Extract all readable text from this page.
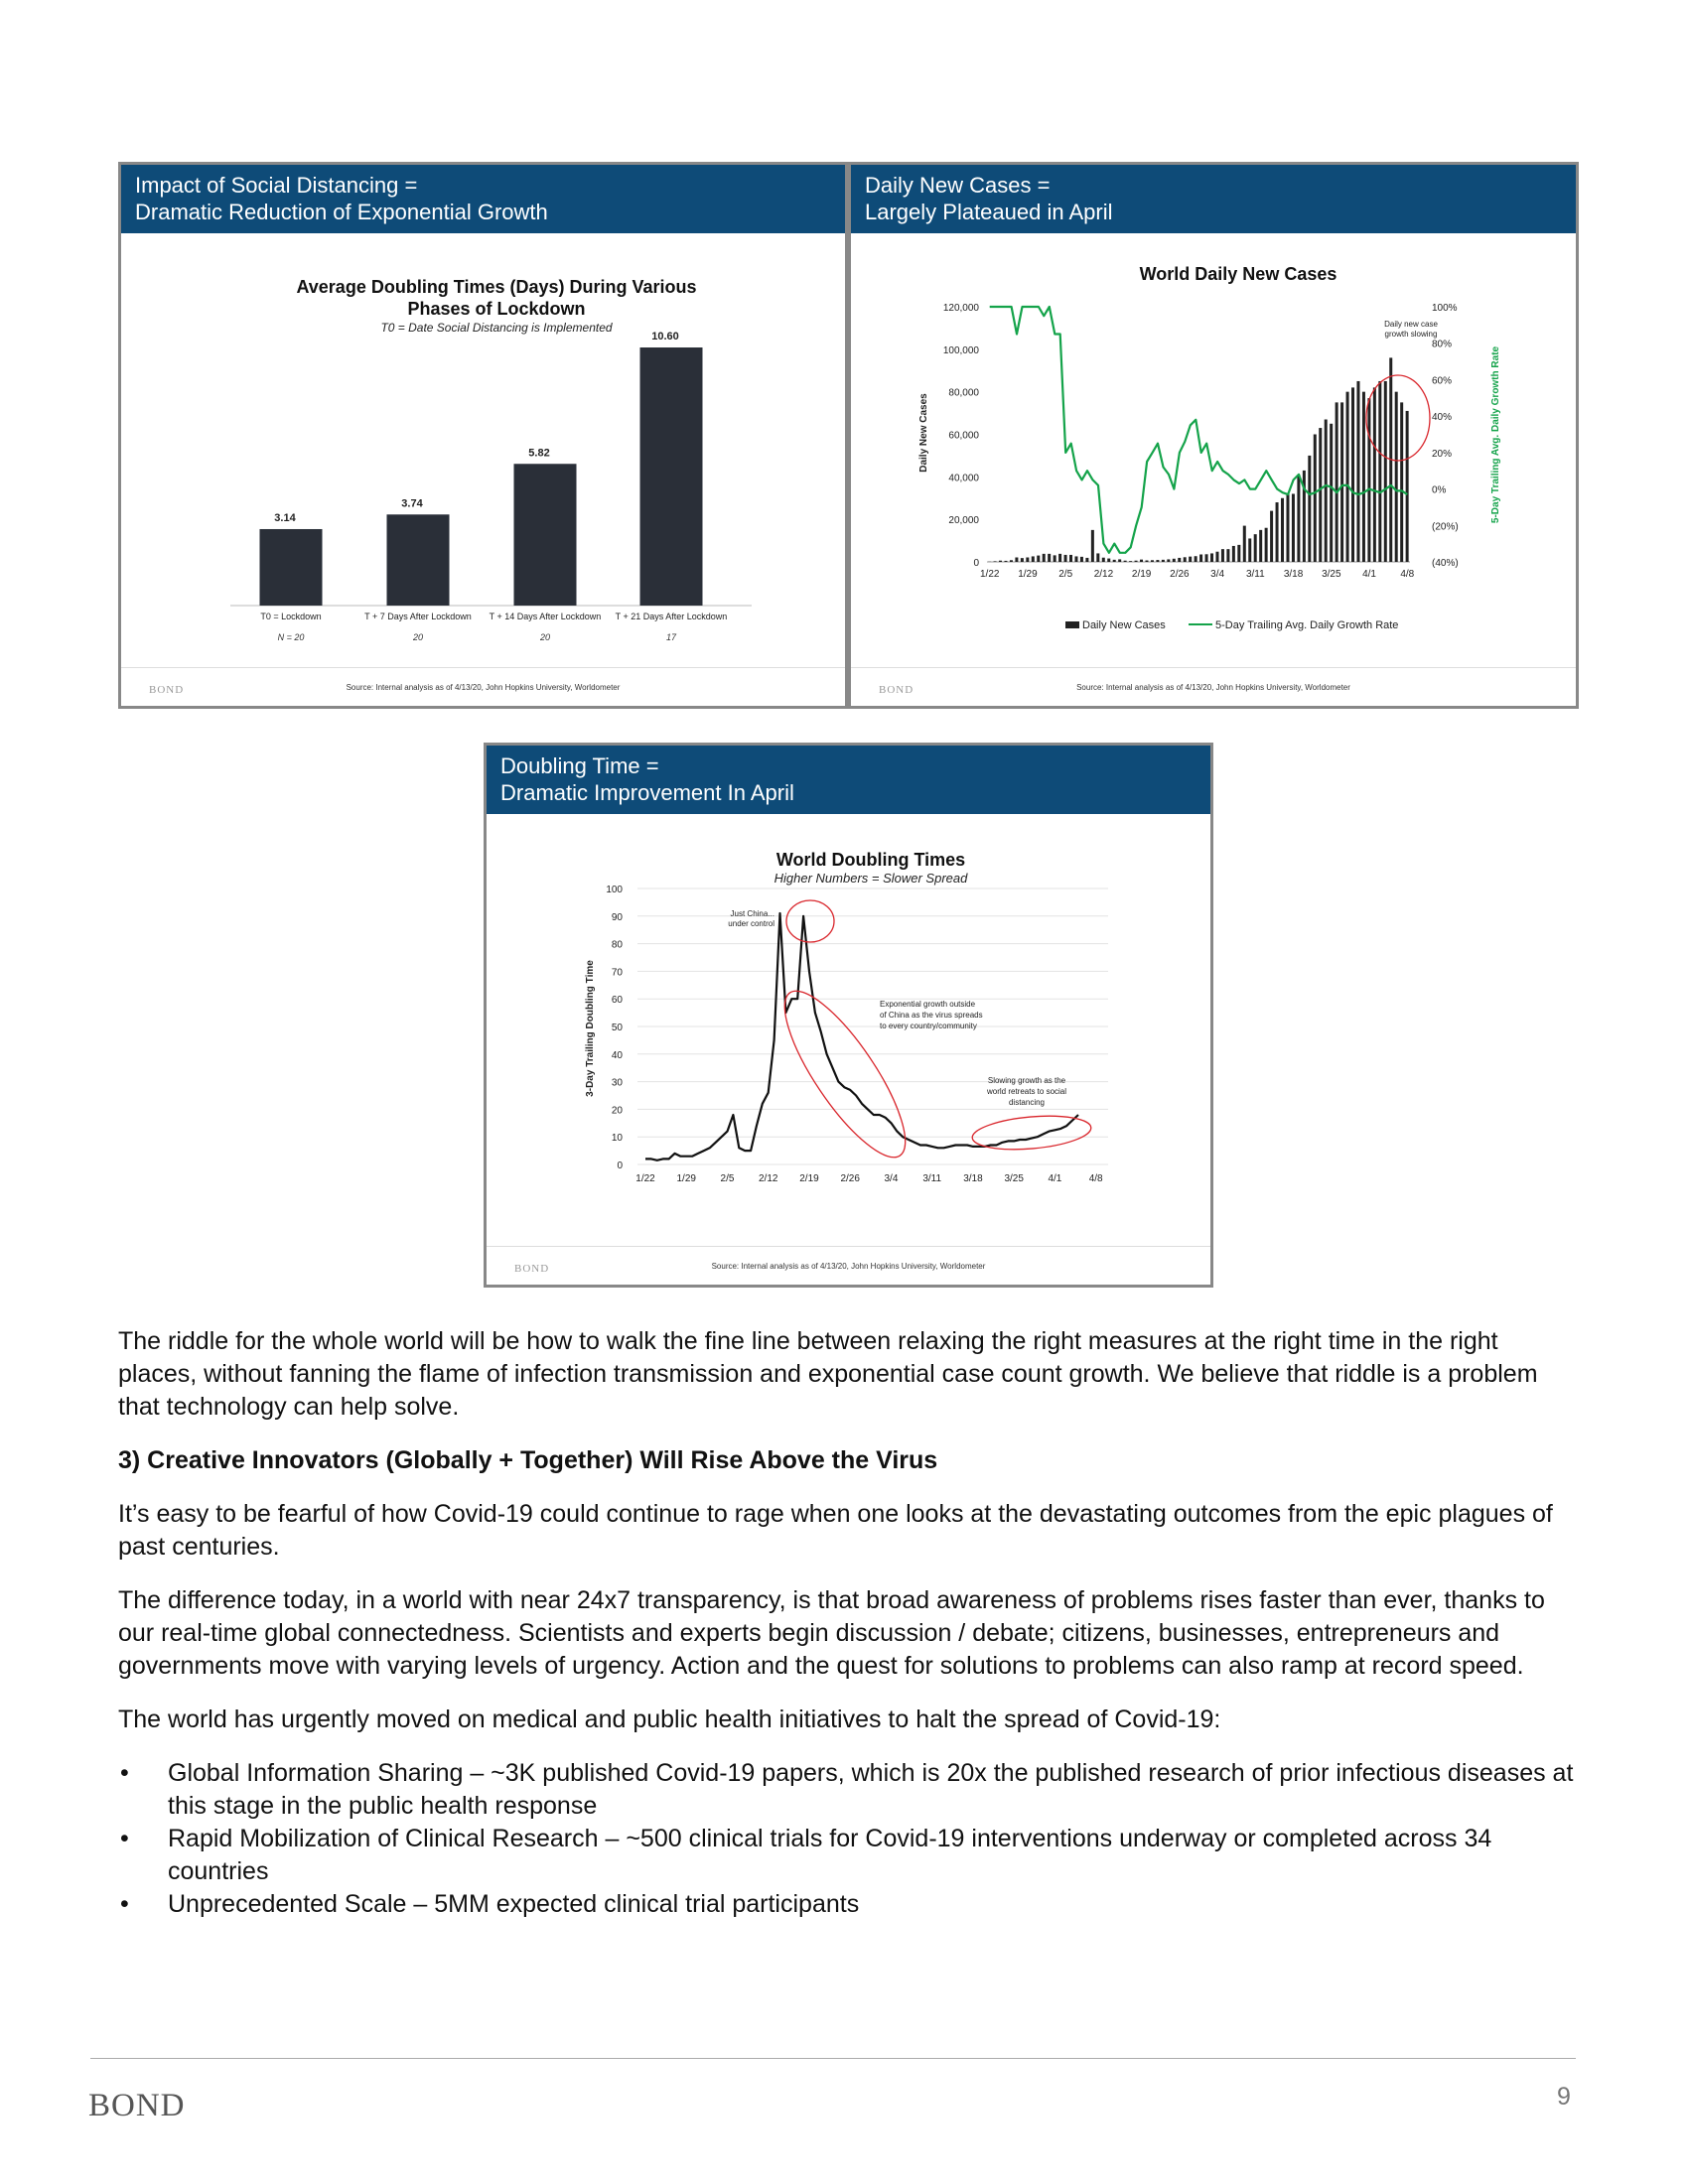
Impact of Social Distancing =
Dramatic Reduction of Exponential Growth
Average Doubling Times (Days) During Various
Phases of Lockdown
T0 = Date Social Distancing is Implemented
3.14
T0 = Lockdown
N = 20
3.74
T + 7 Days After Lockdown
20
5.82
T + 14 Days After Lockdown
20
10.60
T + 21 Days After Lockdown
17
BOND	Source: Internal analysis as of 4/13/20, John Hopkins University, Worldometer
Daily New Cases =
Largely Plateaued in April
World Daily New Cases
0
20,000
40,000
60,000
80,000
100,000
120,000
(40%)
(20%)
0%
20%
40%
60%
80%
100%
1/22 1/29 2/5 2/12 2/19 2/26 3/4 3/11 3/18 3/25 4/1 4/8
Daily New Cases	5-Day Trailing Avg. Daily Growth Rate
Daily new case
growth slowing
Daily New Cases	5-Day Trailing Avg. Daily Growth Rate
BOND	Source: Internal analysis as of 4/13/20, John Hopkins University, Worldometer
Doubling Time =
Dramatic Improvement In April
World Doubling Times
Higher Numbers = Slower Spread
0
10
20
30
40
50
60
70
80
90
100
1/22 1/29 2/5 2/12 2/19 2/26 3/4 3/11 3/18 3/25 4/1	4/8
3-Day Trailing Doubling Time
Just China...
under control
Exponential growth outside
of China as the virus spreads
to every country/community
Slowing growth as the
world retreats to social
distancing
BOND	Source: Internal analysis as of 4/13/20, John Hopkins University, Worldometer

The riddle for the whole world will be how to walk the fine line between relaxing the right measures at the right time in the right places, without fanning the flame of infection transmission and exponential case count growth. We believe that riddle is a problem that technology can help solve.

3) Creative Innovators (Globally + Together) Will Rise Above the Virus

It’s easy to be fearful of how Covid-19 could continue to rage when one looks at the devastating outcomes from the epic plagues of past centuries.

The difference today, in a world with near 24x7 transparency, is that broad awareness of problems rises faster than ever, thanks to our real-time global connectedness. Scientists and experts begin discussion / debate; citizens, businesses, entrepreneurs and governments move with varying levels of urgency. Action and the quest for solutions to problems can also ramp at record speed.

The world has urgently moved on medical and public health initiatives to halt the spread of Covid-19:

• Global Information Sharing – ~3K published Covid-19 papers, which is 20x the published research of prior infectious diseases at this stage in the public health response
• Rapid Mobilization of Clinical Research – ~500 clinical trials for Covid-19 interventions underway or completed across 34 countries
• Unprecedented Scale – 5MM expected clinical trial participants
BOND	9
